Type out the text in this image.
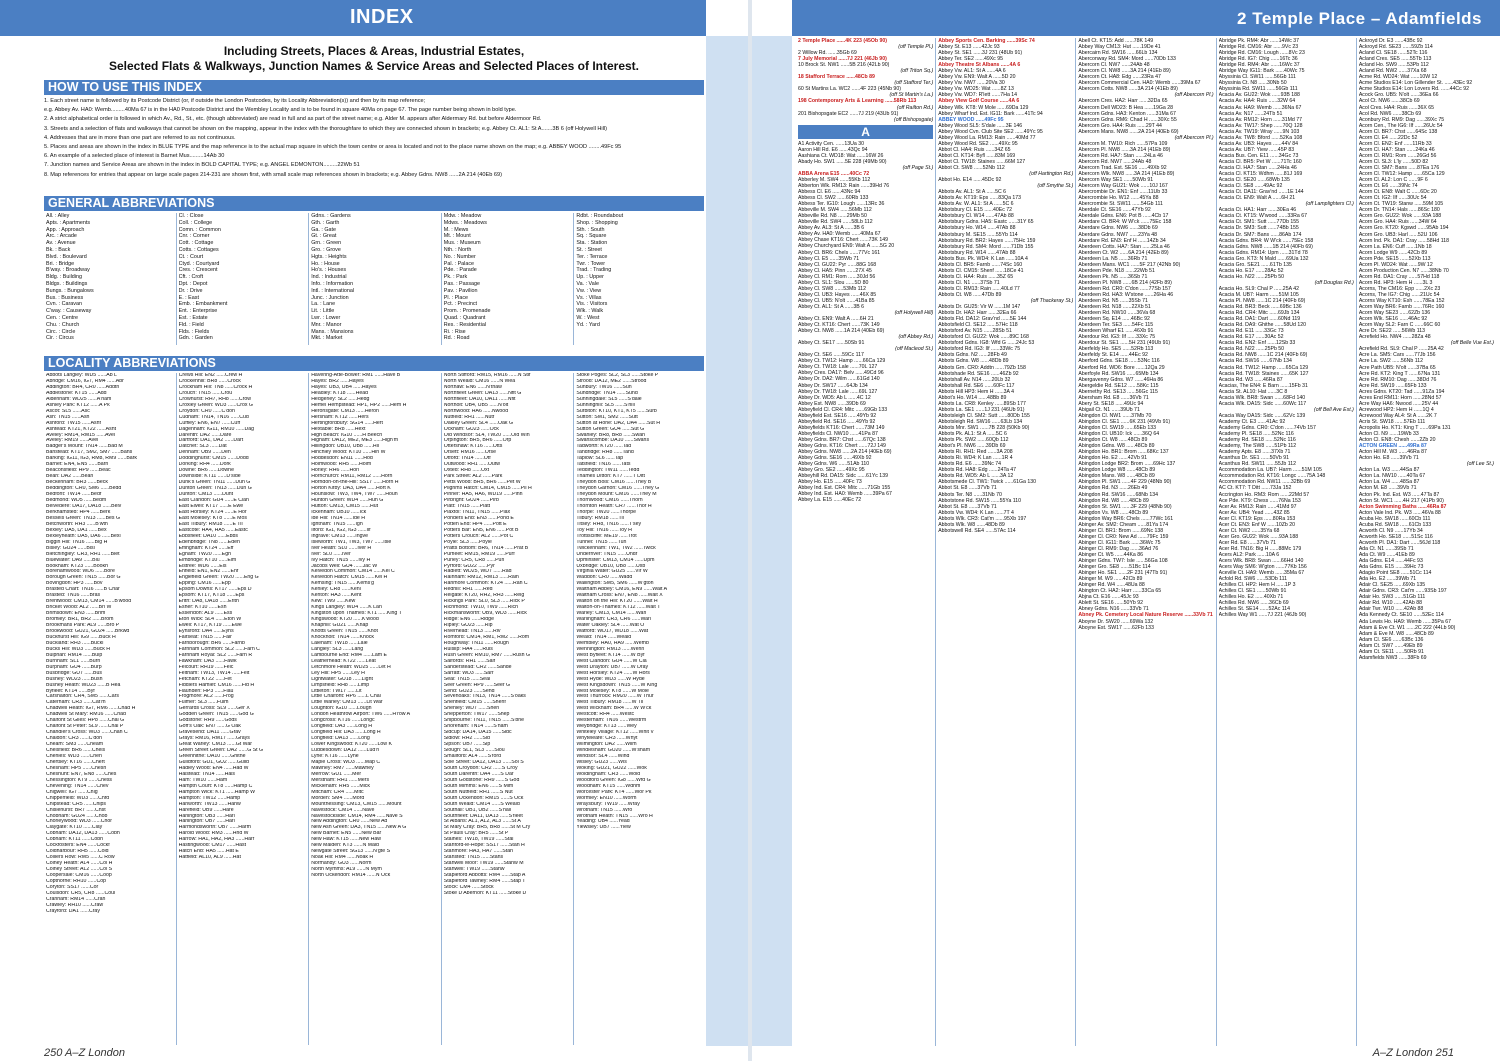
INDEX
Including Streets, Places & Areas, Industrial Estates,
Selected Flats & Walkways, Junction Names & Service Areas and Selected Places of Interest.
HOW TO USE THIS INDEX
1. Each street name is followed by its Postcode District (or, if outside the London Postcodes, by its Locality Abbreviation(s)) and then by its map reference;
e.g. Abbey Av. HA0: Wemb.........40Ma 67 is in the HA0 Postcode District and the Wembley Locality and is to be found in square 40Ma on page 67. The page number being shown in bold type.
2. A strict alphabetical order is followed in which Av., Rd., St., etc. (though abbreviated) are read in full and as part of the street name; e.g. Alder M. appears after Aldermary Rd. but before Aldermoor Rd.
3. Streets and a selection of flats and walkways that cannot be shown on the mapping, appear in the index with the thoroughfare to which they are connected shown in brackets; e.g. Abbey Ct. AL1: St A.......3B 6 (off Holywell Hill)
4. Addresses that are in more than one part are referred to as not continuous.
5. Places and areas are shown in the index in BLUE TYPE and the map reference is to the actual map square in which the town centre or area is located and not to the place name shown on the map; e.g. ABBEY WOOD ........49Fc 95
6. An example of a selected place of interest is Barnet Mus.........14Ab 30
7. Junction names and Service Areas are shown in the index in BOLD CAPITAL TYPE; e.g. ANGEL EDMONTON.........22Wb 51
8. Map references for entries that appear on large scale pages 214-231 are shown first, with small scale map references shown in brackets; e.g. Abbey Gdns. NW8 ......2A 214 (40Eb 69)
GENERAL ABBREVIATIONS
All. : Alley
Apts. : Apartments
App. : Approach
Arc. : Arcade
Av. : Avenue
Bk. : Back
Blvd. : Boulevard
Bri. : Bridge
B'way. : Broadway
Bldg. : Building
Bldgs. : Buildings
Bungs. : Bungalows
Bus. : Business
Cvn. : Caravan
C'way. : Causeway
Cen. : Centre
Chu. : Church
Circ. : Circle
Cir. : Circus
Cl. : Close
Coll. : College
Comn. : Common
Cnr. : Corner
Cott. : Cottage
Cotts. : Cottages
Ct. : Court
Ctyd. : Courtyard
Cres. : Crescent
Cft. : Croft
Dpt. : Depot
Dr. : Drive
E. : East
Emb. : Embankment
Ent. : Enterprise
Est. : Estate
Fld. : Field
Flds. : Fields
Gdn. : Garden
Gdns. : Gardens
Gth. : Garth
Ga. : Gate
Gt. : Great
Grn. : Green
Gro. : Grove
Hgts. : Heights
Ho. : House
Ho's. : Houses
Ind. : Industrial
Info. : Information
Intl. : International
Junc. : Junction
La. : Lane
Lit. : Little
Lwr. : Lower
Mnr. : Manor
Mans. : Mansions
Mkt. : Market
Mdw. : Meadow
Mdws. : Meadows
M. : Mews
Mt. : Mount
Mus. : Museum
Nth. : North
No. : Number
Pal. : Palace
Pde. : Parade
Pk. : Park
Pas. : Passage
Pav. : Pavilion
Pl. : Place
Pct. : Precinct
Prom. : Promenade
Quad. : Quadrant
Res. : Residential
Ri. : Rise
Rd. : Road
Rdbt. : Roundabout
Shop. : Shopping
Sth. : South
Sq. : Square
Sta. : Station
St. : Street
Ter. : Terrace
Twr. : Tower
Trad. : Trading
Up. : Upper
Va. : Vale
Vw. : View
Vs. : Villas
Vis. : Visitors
Wlk. : Walk
W. : West
Yd. : Yard
LOCALITY ABBREVIATIONS
Abbots Langley: WD5 ......Ab L
Abridge: CM16, IG7, RM4 ......Abr
Addington: BR4, CR0 ......Addtn
Addlestone: KT15 ......Add
Aldenham: WD25 ......A'ham
Ashley Park: KT12 ......A Pk
Ascot: SL5 ......Asc
Ash: TN15 ......Ash
Ashford: TW15 ......Ashf
Ashtead: KT21, KT22 ......Asht
Aveley: RM14, RM15 ......Avel
Aveley: RM19 ......Avel
Badger's Mount: TN14 ......Bad M
Banstead: KT17, SM2, SM7 ......Bans
Barking: IG11, IG3, RM8, RM9 ......Bark
Barnet: EN4, EN5 ......Barn
Beaconsfield: HP9 ......Beac
Bean: DA2 ......Bean
Beckenham: BR3 ......Beck
Beddington: CR0, SM6 ......Bedd
Bedfont: TW14 ......Bedf
Bedmond: WD5 ......Bedm
Belvedere: DA17, DA18 ......Belv
Berkhamsted: HP4 ......Berk
Bessels Green: TN13 ......Bes G
Betchworth: RH3 ......B'wth
Bexley: DA5, DA1 ......Bex
Bexleyheath: DA5, DA6 ......Bexl
Biggin Hill: TN16 ......Big H
Bisley: GU24 ......Bisl
Bletchingley: CR3, RH1 ......Blet
Bluewater: DA9 ......Blu
Bookham: KT23 ......Bookh
Borehamwood: WD6 ......Bore
Borough Green: TN15 ......Bor G
Bovingdon: HP3 ......Bov
Brasted Chart: TN16 ......B Char
Brasted: TN16 ......Bras
Brentwood: CM13, CM14 ......B'wood
Bricket Wood: AL2 ......Bri W
Brimsdown: EN3 ......Brim
Bromley: BR1, BR2 ......Brom
Brookmans Park: AL9 ......Bro P
Brookwood: GU21, GU24 ......Brkwd
Buckhurst Hill: IG9 ......Buck H
Buckland: RH3 ......Buckl
Bucks Hill: WD3 ......Buck H
Bulphan: RM14 ......Bulp
Burnham: SL1 ......Burn
Burpham: GU4 ......Burp
Busbridge: GU7 ......Bus
Bushey: WD23 ......Bush
Bushey Heath: WD23 ......B Hea
Byfleet: KT14 ......Byf
Carshalton: CR4, SM5 ......Cars
Caterham: CR3 ......Cat'm
Chadwell Heath: IG7, RM6 ......Chad H
Chadwell St Mary: RM16 ......Chad
Chalfont St Giles: HP8 ......Chal G
Chalfont St Peter: SL9 ......Chal P
Chandler's Cross: WD3 ......Chan C
Chaldon: CR3 ......C'don
Cheam: SM3 ......Cheam
Chelsfield: BR6 ......Chels
Chenies: WD3 ......Chen
Chertsey: KT16 ......Chert
Chesham: HP5 ......Chesh
Cheshunt: EN7, EN8 ......Ches
Chessington: KT9 ......Chess
Chevening: TN14 ......Chev
Chigwell: IG7 ......Chig
Chipperfield: WD3 ......Chfd
Chipstead: CR5 ......Chips
Chislehurst: BR7 ......Chst
Chobham: GU24 ......Chob
Chorleywood: WD3 ......Chor
Claygate: KT10 ......Clay
Cobham: DA12, DA13 ......Cobh
Cobham: KT11 ......Cobh
Cockfosters: EN4 ......Cockf
Coldharbour: RH5 ......Cold
Colliers Row: RM5 ......C Row
Colney Heath: AL4 ......Col H
Colney Street: AL2 ......Col S
Coopersale: CM16 ......Coop
Copthorne: RH10 ......Cop
Coryton: SS17 ......Cor
Coulsdon: CR5, CR8 ......Coul
Cranham: RM14 ......Cran
Crawley: RH10 ......Craw
Crayford: DA1 ......Cray
Crews Hill: EN2 ......Crew H
Crockenhill: BR8 ......Crock
Crockham Hill: TN8 ......Crock H
Crouch: TN15 ......Crou
Crowhurst: RH7, RH8 ......Crow
Croxley Green: WD3 ......Crox G
Croydon: CR0 ......C'don
Cudham: TN14, TN16 ......Cud
Cuffley: EN6, EN7 ......Cuff
Dagenham: IG11, RM10 ......Dag
Darenth: DA2 ......Dare
Dartford: DA1, DA2 ......Dart
Datchet: SL3 ......Dat
Denham: UB9 ......Den
Doddinghurst: CM15 ......Dodd
Dorking: RH4 ......Dork
Downe: BR6 ......Downe
Downside: KT11 ......D'side
Dunk's Green: TN11 ......Dun G
Dunton Green: TN13 ......Dun G
Dunton: CM13 ......Dunt
East Clandon: GU4 ......E Clan
East Ewell: KT17 ......E Ewe
East Horsley: KT24 ......E Hor
East Molesey: KT8 ......E Mos
East Tilbury: RM18 ......E Til
Eastcote: HA4, HA5 ......Eastc
Ebbsfleet: DA10 ......Ebbs
Edenbridge: TN8 ......Eden
Effingham: KT24 ......Eff
Egham: TW20 ......Egh
Elmbridge: KT10 ......Elm
Elstree: WD6 ......Els
Enfield: EN1, EN2 ......Enf
Englefield Green: TW20 ......Eng G
Epping: CM16 ......Epp
Epsom Downs: KT17 ......Eps D
Epsom: KT17, KT18 ......Eps
Erith: DA8, DA18 ......Erith
Esher: KT10 ......Esh
Essendon: AL9 ......Ess
Eton Wick: SL4 ......Eton W
Ewell: KT17, KT19 ......Ewe
Eynsford: DA4 ......Eyns
Fairseat: TN15 ......Fair
Farnborough: BR6 ......Farnb
Farnham Common: SL2 ......Farn C
Farnham Royal: SL2 ......Farn R
Fawkham: DA3 ......Fawk
Felcourt: RH19 ......Felc
Feltham: TW13, TW14 ......Felt
Fetcham: KT22 ......Fet
Fiddlers Hamlet: CM16 ......Fid H
Flaunden: HP3 ......Flau
Frogmore: AL2 ......Frog
Fulmer: SL3 ......Fulm
Gerrards Cross: SL9 ......Ger X
Godden Green: TN15 ......God G
Godstone: RH9 ......Gods
Goff's Oak: EN7 ......G Oak
Gravesend: DA11 ......Grav
Grays: RM16, RM17 ......Grays
Great Warley: CM13 ......Gt War
Green Street Green: DA2 ......G St G
Greenhithe: DA10 ......Ghithe
Guildford: GU1, GU2 ......Guild
Hadley Wood: EN4 ......Had W
Halstead: TN14 ......Hals
Ham: TW10 ......Ham
Hamptn Court: KT8 ......Hamp C
Hampton Wick: KT1 ......Hamp W
Hampton: TW12 ......Hamp
Hanworth: TW13 ......Hanw
Harefield: UB9 ......Hare
Harlington: UB3 ......Harl
Harlington: UB7 ......Harl
Harmondsworth: UB7 ......Harm
Harold Wood: RM3 ......Hrld W
Harrow: HA1, HA2, HA3 ......Harr
Hastingwood: CM17 ......Hast
Hatch End: HA5 ......Hat E
Hatfield: AL10, AL9 ......Hat
Havering-Atte-Bower: RM1 ......Have B
Hayes: BR2 ......Hayes
Hayes: UB3, UB4 ......Hayes
Headley: KT18 ......Head
Hedgerley: SL2 ......Hedg
Hemel Hempstead: HP1, HP2 ......Hem H
Heronsgate: CM13 ......Heron
Hersham: KT12 ......Hers
Hertingfordbury: SG14 ......Hert
Hextable: BR8 ......Hext
High Beach: IG10 ......H Beech
Higham: DA12, ME2, ME3 ......High'm
Hillingdon: UB10, UB8 ......Hil
Hinchley Wood: KT10 ......Hin W
Hoddesdon: EN11 ......Hod
Holmwood: RH5 ......Holm
Horley: RH6 ......Horl
Hornchurch: RM11, RM12 ......Horn
Horndon-on-the-Hill: SS17 ......Horn H
Horton Kirby: DA3, DA4 ......Hort K
Hounslow: TW3, TW4, TW7 ......Houn
Hunton Green: WD4 ......Hun G
Hutton: CM13, CM15 ......Hut
Ickenham: UB10 ......Ick
Ide Hill: TN14 ......Ide H
Ightham: TN15 ......Igh
Ilford: IG1, IG2, IG3 ......Ilf
Ingrave: CM13 ......Ingve
Isleworth: TW1, TW3, TW7 ......Isle
Iver Heath: SL0 ......Iver H
Iver: SL0 ......Iver
Ivy Hatch: TN15 ......Ivy H
Jacobs Well: GU4 ......Jac W
Kelvedon Common: CM14 ......Kel C
Kelvedon Hatch: CM15 ......Kel H
Kemsing: TN15 ......Kems'g
Kenley: CR8 ......Kenl
Kenton: HA3 ......Kent
Kew: TW9 ......Kew
Kings Langley: WD4 ......K Lan
Kingston upon Thames: KT1 ......King T
Kingswood: KT20 ......K'wood
Knaphill: GU21 ......Knap
Knotts Green: TN15 ......Knot
Knockholt: TN14 ......Knock
Laleham: TW18 ......Lale
Langley: SL3 ......Lang
Lambourne End: RM4 ......Lam E
Leatherhead: KT22 ......Leat
Letchmore Heath: WD25 ......Let H
Ley Hill: HP5 ......Ley H
Lightwater: GU18 ......Light
Limpsfield: RH8 ......Limp
Littleton: TW17 ......Lit
Little Chalfont: HP6 ......L Chal
Little Warley: CM13 ......Lit War
Loughton: IG10 ......Lough
London Heathrow Airport: TW6 ......H'row A
Longcross: KT16 ......Longc
Longfield: DA3 ......Long H
Longfield Hill: DA3 ......Long H
Longfield: DA13 ......Long
Lower Kingswood: KT20 ......Low K
Luddesdown: DA12 ......Lud'n
Lyne: KT16 ......Lyne
Maple Cross: WD3 ......Map C
Mawney: RM7 ......Mawney
Merrow: GU1 ......Mer
Merstham: RH1 ......Mers
Mickleham: RH5 ......Mick
Mitcham: CR4 ......Mitc
Morden: SM4 ......Mord
Mountnessing: CM13, CM15 ......Mount
Navestock: CM14 ......Nave
Navestockside: CM14, RM4 ......Nave S
New Addington: CR0 ......New Ad
New Ash Green: DA3, TN15 ......New A G
New Barnet: EN5 ......New Bar
New Haw: KT15 ......New Haw
New Malden: KT3 ......N Mald
Newgate Street: SG13 ......N'gte S
Noak Hill: RM4 ......Noak H
Normandy: GU3 ......Norm
North Mymms: AL9 ......N Mym
North Ockendon: RM14 ......N Ock
North Stifford: RM15, RM16 ......N Stif
North Weald: CM16 ......N Wea
Northaw: EN6 ......N'thaw
Northfleet Green: DA13 ......Nfit G
Northfleet: DA10, DA11 ......Nfit
Northolt: UB4, UB5 ......N'olt
Northwood: HA6 ......Nwood
Nutfield: RH1 ......Nutf
Oakley Green: SL4 ......Oak G
Ockham: GU23 ......Ock
Old Windsor: SL4, TW20 ......Old Win
Orpington: BR5, BR6 ......Orp
Ottershaw: KT16 ......Otts
Orsett: RM16 ......Orse
Otford: TN14 ......Otf
Outwood: RH1 ......Outw
Oxted: RH8 ......Oxt
Park Street: AL2 ......Park
Petts Wood: BR5, BR6 ......Pet W
Pilgrims Hatch: CM14, CM15 ......Pil H
Pinner: HA5, HA6, WD19 ......Pinn
Pirbright: GU24 ......Pirb
Platt: TN15 ......Platt
Plaxtol: TN11, TN15 ......Plax
Ponders End: EN3 ......Pond E
Potten End: HP4 ......Pott E
Potters Bar: EN5, EN6 ......Pot B
Potters Crouch: AL2 ......Pot C
Poyle: SL3 ......Poyle
Pratts Bottom: BR6, TN14 ......Prat B
Purfleet: RM15, RM19 ......Purf
Purley: CR5, CR8 ......Purl
Pyrford: GU22 ......Pyr
Radlett: WD25, WD7 ......Rad
Rainham: RM12, RM13 ......Rain
Ranmore Common: KT24 ......Ran C
Redhill: RH1 ......Red
Reigate: KT20, RH2, RH3 ......Reig
Rickings Park: SL0, SL3 ......Rick P
Richmond: TW10, TW9 ......Rich
Rickmansworth: UB9, WD3 ......Rick
Ridge: EN6 ......Ridge
Ripley: GU23 ......Rip
Riverhead: TN13 ......Riv
Romford: CM14, RM1, RM2 ......Rom
Roughway: TN11 ......Rough
Ruislip: HA4 ......Ruis
Rush Green: RM10, RM7 ......Rush G
Salfords: RH1 ......Salf
Sanderstead: CR2 ......Sande
Sarratt: WD3 ......Sarr
Seal: TN15 ......Seal
Seer Green: HP9 ......Seer G
Send: GU23 ......Send
Sevenoaks: TN13, TN14 ......S'oaks
Shenfield: CM15 ......Shenf
Shenley: WD7 ......Shen
Shepperton: TW17 ......Shep
Shipbourne: TN11, TN15 ......S'bne
Shoreham: TN14 ......S'ham
Sidcup: DA14, DA15 ......Sidc
Sidlow: RH2 ......Sid
Sipson: UB7 ......Sip
Slough: SL1, SL3 ......Slou
Smallford: AL4 ......S'ford
Sole Street: DA12, DA13 ......Sol S
South Croydon: CR2 ......S Croy
South Darenth: DA4 ......S Dar
South Godstone: RH9 ......S God
South Mimms: EN6 ......S Mim
South Nutfield: RH1 ......S Nut
South Ockendon: RM15 ......S Ock
South Weald: CM14 ......S Weald
Southall: UB1, UB2 ......S'hall
Southfleet: DA11, DA13 ......S'fleet
St Albans: AL1, AL2, AL3 ......St A
St Mary Cray: BR5, BR8 ......St M Cry
St Pauls Cray: BR5 ......St P
Staines: TW18, TW19 ......Stai
Stanford-le-Hope: SS17 ......Stan H
Stanmore: HA3, HA7 ......Stan
Stansted: TN15 ......Stans
Stanwell Moor: TW19 ......Stanw M
Stanwell: TW19 ......Stanw
Stapleford Abbotts: RM4 ......Stap A
Stapleford Tawney: RM4 ......Stap T
Stock: CM4 ......Stock
Stoke D'Abernon: KT11 ......Stoke D
Stoke Poges: SL2, SL3 ......Stoke P
Strood: DA12, ME2 ......Strood
Sunbury: TW16 ......Sun
Sundridge: TN14 ......Sund
Sunningdale: SL5 ......S'dale
Sunninghill: SL5 ......S'hill
Surbiton: KT10, KT1, KT5 ......Surb
Sutton: SM1, SM2 ......Sutt
Sutton at Hone: DA2, DA4 ......Sut H
Sutton Green: GU4 ......Sut G
Swanley: BR8, BR8 ......Swan
Swanscombe: DA10 ......Swans
Tadworth: KT20 ......Tad
Tandridge: RH8 ......Tand
Taplow: SL6 ......Tap
Tatsfield: TN16 ......Tats
Teddington: TW11 ......Tedd
Thames Ditton: KT7 ......T Ditt
Theydon Bois: CM16 ......They B
Theydon Garnon: CM16 ......They G
Theydon Mount: CM16 ......They M
Thornwood: CM16 ......Thorn
Thornton Heath: CR7 ......Thor H
Thorpe: TW20 ......Thorpe
Tilbury: RM18 ......Til
Titsey: RH8, TN16 ......T'sey
Toy Hill: TN16 ......Toy H
Trottiscliffe: ME19 ......Trot
Tunnel: TN15 ......Tun
Twickenham: TW1, TW2 ......Twick
Underriver: TN15 ......Undr
Upminster: CM13, CM14 ......Upm
Uxbridge: UB10, UB8 ......Uxb
Virginia Water: GU25 ......Vir W
Waddon: CR0 ......Wadd
Wallington: SM5, SM6 ......W'gton
Waltham Abbey: CM16, EN9 ......Walt A
Waltham Cross: EN7, EN8 ......Walt X
Walton on the Hill: KT20 ......Walt H
Walton-on-Thames: KT12 ......Walt T
Warley: CM13, CM14 ......Warl
Warlingham: CR3, CR6 ......Warl
Water Oakley: SL4 ......Wat O
Watford: WD17, WD18 ......Wat
Weald: TN14 ......Weald
Wembley: HA0, HA9 ......Wemb
Wennington: RM13 ......Wenn
West Byfleet: KT14 ......W Byf
West Clandon: GU4 ......W Cla
West Drayton: UB7 ......W Dray
West Horsley: KT24 ......W Hors
West Hyde: WD3 ......W Hyde
West Kingsdown: TN15 ......W King
West Molesey: KT8 ......W Mole
West Thurrock: RM20 ......W Thur
West Tilbury: RM18 ......W Til
West Wickham: BR4 ......W W'ck
Westcott: RH4 ......Westc
Westerham: TN16 ......Westrm
Weybridge: KT13 ......Wey
Whiteley Village: KT12 ......Whit V
Whyteleafe: CR3 ......Whyt
Wilmington: DA2 ......Wilm
Windlesham: GU20 ......W'sham
Windsor: SL4 ......Wind
Wisley: GU23 ......Wis
Woking: GU21, GU22 ......Wok
Woldingham: CR3 ......Wold
Woodford Green: IG8 ......Wfd G
Woodham: KT15 ......Wdhm
Worcester Park: KT4 ......Wor Pk
Wormley: EN10 ......Worm
Wraysbury: TW19 ......Wray
Wrotham: TN15 ......Wro
Wrotham Heath: TN15 ......Wro H
Yeading: UB4 ......Yead
Yiewsley: UB7 ......Yiew
250 A–Z London
2 Temple Place – Adamfields
2 Temple Place ......4K 223 (45Ob 90)
(off Temple Pl.)
2 Willow Rd. ......35Gb 69
7 July Memorial ......7J 221 (46Jb 90)
10 Brock St. NW1 ......5B 216 (42Lb 90)
(off Triton Sq.)
18 Stafford Terrace ......48Cb 89
(off Stafford Ter.)
60 St Martins La. WC2 ......4F 223 (45Nb 90)
(off St Martin's La.)
198 Contemporary Arts & Learning ......58Rb 113
(off Railton Rd.)
201 Bishopsgate EC2 ......7J 219 (43Ub 91)
(off Bishopsgate)
A
A1 Activity Cen. ......13Ua 30
Aaron Hill Rd. E6 ......43Qc 94
Aashiana Ct. WD18: Wat ......16W 26
Abady Ho. SW1 ......5E 228 (49Mb 90)
(off Page St.)
ABBA Arena E15 ......40Cc 72
Abberley M. SW4 ......55Kb 112
Abberton Wlk. RM13: Rain ......39Hd 76
Abbess Cl. E6 ......43Nc 94
Abbess Cl. SW2 ......60Rb 133
Abbess Ter. IG10: Lough ......13Rc 36
Abbeville M. SW4 ......56Mb 112
Abbeville Rd. N8 ......29Mb 50
Abbeville Rd. SW4 ......58Lb 112
Abbey Av. AL3: St A ......3B 6
Abbey Av. HA0: Wemb ......40Ma 67
Abbey Chase KT16: Chert ......73K 149
Abbey Churchyard EN9: Walt A ......5G 20
Abbey Cl. BR6: Chels ......77Vc 161
Abbey Cl. E5 ......35Wb 71
Abbey Cl. GU22: Pyr ......88G 168
Abbey Cl. HA5: Pinn ......27X 45
Abbey Cl. RM1: Rom ......30Jd 56
Abbey Cl. SL1: Slou ......5D 80
Abbey Cl. SW8 ......53Mb 112
Abbey Cl. UB3: Hayes ......46X 85
Abbey Cl. UB5: N'olt ......41Ba 85
Abbey Ct. AL1: St A ......3B 6
(off Holywell Hill)
Abbey Ct. EN9: Walt A ......6H 21
Abbey Ct. KT16: Chert ......73K 149
Abbey Ct. NW8 ......1A 214 (40Eb 69)
(off Abbey Rd.)
Abbey Ct. SE17 ......50Sb 91
(off Macleod St.)
Abbey Ct. SE6 ......59Cc 117
Abbey Ct. TW12: Hamp ......66Ca 129
Abbey Ct. TW18: Lale ......70L 127
Abbey Cres. DA17: Belv ......49Cd 96
Abbey Dr. DA2: Wilm ......61Gd 140
Abbey Dr. SW17 ......64Jb 134
Abbey Dr. TW18: Lale ......69L 127
Abbey Dr. WD5: Ab L ......4C 12
Abbey Est. NW8 ......39Db 69
Abbeyfield Cl. CR4: Mitc ......69Gb 133
Abbeyfield Est. SE16 ......49Yb 92
Abbeyfield Rd. SE16 ......49Yb 92
Abbeyfields KT16: Chert ......73M 149
Abbeyfields Cl. NW10 ......41Pa 87
Abbey Gdns. BR7: Chst ......67Qc 138
Abbey Gdns. KT16: Chert ......72J 149
Abbey Gdns. NW8 ......2A 214 (40Eb 69)
Abbey Gdns. SE16 ......49Xb 92
Abbey Gdns. W6 ......51Ab 110
Abbey Gro. SE2 ......49Xc 95
Abbeyhill Rd. DA15: Sidc ......61Yc 139
Abbey Ho. E15 ......40Fc 73
Abbey Ind. Est. CR4: Mitc ......71Gb 155
Abbey Ind. Est. HA0: Wemb ......39Pa 67
Abbey La. E15 ......40Ec 72
Abbey Sports Cen. Barking ......39Sc 74
Abbey St. E13 ......42Jc 93
Abbey St. SE1 ......3J 231 (48Ub 91)
Abbey Ter. SE2 ......49Xc 95
Abbey Theatre St Albans ......4A 6
Abbey Vw. AL1: St A ......4A 6
Abbey Vw. EN9: Walt A ......5D 20
Abbey Vw. NW7 ......20Va 30
Abbey Vw. WD25: Wat ......8Z 13
Abbey Vw. WD7: R'lett ......7Ha 14
Abbey View Golf Course ......4A 6
Abbey Wlk. KT8: W Mole ......69Da 129
Abbey Wharf Ind. Est. IG11: Bark ......41Tc 94
ABBEY WOOD ......49Fc 95
Abbey Wood SL5: S'dale ......3E 146
Abbey Wood Cvn. Club Site SE2 ......49Yc 95
Abbey Wood La. RM13: Rain ......40Md 77
Abbey Wood Rd. SE2 ......49Xc 95
Abbot Cl. HA4: Ruis ......34Z 65
Abbot Cl. KT14: Byfl ......83M 169
Abbot Cl. TW18: Staines ......66M 127
Abbot Ct. SW8 ......52Nb 112
(off Hartington Rd.)
Abbot Ho. E14 ......45Dc 92
(off Smythe St.)
Abbots Av. AL1: St A ......5C 6
Abbots Av. KT19: Eps ......83Qa 173
Abbots Av. W. AL1: St A ......5C 6
Abbotsbury Cl. E15 ......40Ec 72
Abbotsbury Cl. W14 ......47Ab 88
Abbotsbury Gdns. HA5: Eastc ......31Y 65
Abbotsbury Ho. W14 ......47Ab 88
Abbotsbury M. SE15 ......55Yb 114
Abbotsbury Rd. BR2: Hayes ......75Hc 159
Abbotsbury Rd. SM4: Mord ......71Db 155
Abbotsbury Rd. W14 ......47Ab 88
Abbots Bus. Pk. WD4: K Lan ......10A 4
Abbots Cl. BR5: Farnb ......74Sc 160
Abbots Cl. CM15: Shenf ......18Ce 41
Abbots Cl. HA4: Ruis ......35Z 65
Abbots Cl. N1 ......37Sb 71
Abbots Cl. RM13: Rain ......40Ld 77
Abbots Ct. W8 ......47Db 89
(off Thackeray St.)
Abbots Dr. GU25: Vir W ......1M 147
Abbots Dr. HA2: Harr ......32Ea 66
Abbots Fld. DA12: Grav'nd ......5E 144
Abbotsfield Cl. SE12 ......57Hc 118
Abbotsford Av. N15 ......28Sb 51
Abbotsford Cl. GU22: Wok ......89C 168
Abbotsford Gdns. IG8: Wfd G ......24Jc 53
Abbotsford Rd. IG3: Ilf ......33Wc 75
Abbots Gdns. N2 ......28Fb 49
Abbots Gdns. W8 ......48Db 89
Abbots Grn. CR0: Addtn ......79Zb 158
Abbotshade Rd. SE16 ......46Zb 92
Abbotshall Av. N14 ......20Lb 32
Abbotshall Rd. SE6 ......60Fc 117
Abbots Hill HP3: Hem H ......3A 4
Abbot's Ho. W14 ......48Bb 89
Abbots La. CR8: Kenley ......89Sb 177
Abbots La. SE1 ......1J 231 (46Ub 91)
Abbotsleigh Cl. SM2: Sutt ......80Db 155
Abbotsleigh Rd. SW16 ......63Lb 134
Abbots Mnr. SW1 ......7B 228 (50Kb 90)
Abbots Pk. AL1: St A ......5C 6
Abbots Pk. SW2 ......60Qb 112
Abbot's Pl. NW6 ......39Db 69
Abbots Ri. RH1: Red ......3A 208
Abbots Ri. WD4: K Lan ......1R 4
Abbots Rd. E6 ......39Nc 74
Abbots Rd. HA8: Edg ......24Ta 47
Abbots Rd. WD5: Ab L ......3A 12
Abbotsmede Cl. TW1: Twick ......61Ga 130
Abbot St. E8 ......37Vb 71
Abbots Ter. N8 ......31Nb 70
Abbotstone Rd. SW15 ......55Ya 110
Abbot St. E8 ......37Vb 71
Abbots Vw. WD4: K Lan ......7T 4
Abbots Wlk. CR3: Cat'm ......95Xb 197
Abbots Wlk. W8 ......48Db 89
Abbotswell Rd. SE4 ......57Ac 114
Abell Ct. KT15: Add ......78K 149
Abbey Way CM13: Hut ......19De 41
Abercairn Rd. SW16 ......66Lb 134
Aberconway Rd. SM4: Mord ......70Db 133
Abercorn Cl. NW7 ......24Ab 48
Abercorn Cl. NW8 ......3A 214 (41Eb 89)
Abercorn Ct. HA8: Edg ......23Ra 47
Abercorn Commercial Cen. HA0: Wemb ......39Ma 67
Abercorn Cotts. NW8 ......3A 214 (41Eb 89)
(off Abercorn Pl.)
Abercorn Cres. HA2: Harr ......32Da 65
Abercorn Dell WD23: B Hea ......19Ga 28
Abercorn Gdns. HA3: Kenton ......31Ma 67
Abercorn Gdns. RM6: Chad H ......30Xc 55
Abercorn Gro. HA4: Ruis ......29T 44
Abercorn Mans. NW8 ......2A 214 (40Eb 69)
(off Abercorn Pl.)
Abercorn M. TW10: Rich ......57Pa 109
Abercorn Pl. NW8 ......3A 214 (41Eb 89)
Abercorn Rd. HA7: Stan ......24La 46
Abercorn Rd. NW7 ......24Ab 48
Abercorn Trad. Est. SE16 ......49Xb 92
Abercorn Wlk. NW8 ......3A 214 (41Eb 89)
Abercorn Way SE1 ......50Wb 91
Abercorn Way GU21: Wok ......10J 167
Abercrombie Dr. EN1: Enf ......11Ub 33
Abercrombie Ho. W12 ......45Ya 88
Abercrombie St. SW11 ......54Gb 111
Aberdale Ct. SE16 ......47Yb 92
Aberdale Gdns. EN6: Pot B ......4Cb 17
Aberdare Cl. BR4: W W'ck ......75Ec 158
Aberdare Gdns. NW6 ......38Db 69
Aberdare Gdns. NW7 ......23Ya 48
Aberdare Rd. EN3: Enf H ......14Zb 34
Aberdeen Cotts. HA7: Stan ......25La 46
Aberdeen Ct. W2 ......6A 214 (42Eb 89)
Aberdeen La. N5 ......36Rb 71
Aberdeen Mans. WC1 ......5F 217 (42Nb 90)
Aberdeen Pde. N18 ......22Wb 51
Aberdeen Pk. N5 ......36Sb 71
Aberdeen Pl. NW8 ......6B 214 (42Fb 89)
Aberdeen Rd. CR0: C'don ......77Sb 157
Aberdeen Rd. HA3: W'stone ......26Ha 46
Aberdeen Rd. N5 ......35Sb 71
Aberdeen Rd. N18 ......22Xb 51
Aberdeen Rd. NW10 ......36Va 68
Aberdeen Sq. E14 ......46Bc 92
Aberdeen Ter. SE3 ......54Fc 115
Aberdeen Wharf E1 ......46Xb 91
Aberdour Rd. IG3: Ilf ......33Xc 75
Aberdour St. SE1 ......5H 231 (49Ub 91)
Aberfeldy Ho. SE5 ......52Rb 113
Aberfeldy St. E14 ......44Ec 92
Aberford Gdns. SE18 ......53Nc 116
Aberford Rd. WD6: Bore ......12Qa 29
Aberfoyle Rd. SW16 ......65Mb 134
Abergavenny Gdns. W7 ......46Ha 86
Abergeldie Rd. SE12 ......58Kc 115
Abernethy Rd. SE13 ......56Gc 115
Abersham Rd. E8 ......36Vb 71
Abery St. SE18 ......49Uc 94
Abigail Ct. N1 ......39Ub 71
Abingdon Cl. NW1 ......37Mb 70
Abingdon Cl. SE1 ......6K 231 (49Vb 91)
Abingdon Cl. SW19 ......65Eb 133
Abingdon Cl. UB10: Ick ......36Q 64
Abingdon Ct. W8 ......48Cb 89
Abingdon Gdns. W8 ......48Cb 89
Abingdon Ho. BR1: Brom ......68Kc 137
Abingdon Ho. E2 ......42Vb 91
Abingdon Lodge BR2: Brom ......69Hc 137
Abingdon Lodge W8 ......48Cb 89
Abingdon Mans. W8 ......48Cb 89
Abingdon Pl. SW1 ......4F 229 (48Nb 90)
Abingdon Rd. N3 ......26Eb 49
Abingdon Rd. SW16 ......68Nb 134
Abingdon Rd. W8 ......48Cb 89
Abingdon St. SW1 ......3F 229 (48Nb 90)
Abingdon Vs. W8 ......48Cb 89
Abingdon Way BR6: Chels ......77Wc 161
Abinger Av. SM2: Cheam ......81Ya 174
Abinger Cl. BR1: Brom ......69Nc 138
Abinger Cl. CR0: New Ad ......79Fc 159
Abinger Cl. IG11: Bark ......36Wc 75
Abinger Cl. RM9: Dag ......36Ad 76
Abinger Ct. W5 ......44Ka 86
Abinger Gdns. TW7: Isle ......56Ga 108
Abinger Gro. SE8 ......51Bc 114
Abinger Ho. SE1 ......2F 231 (47Tb 91)
Abinger M. W9 ......42Cb 89
Abinger Rd. W4 ......48Ua 88
Abington Ct. HA2: Harr ......33Ca 65
Abjna Ct. E16 ......45Jc 93
Ablett St. SE16 ......50Yb 92
Abney Gdns. N16 ......33Vb 71
Abney Pk. Cemetery Local Nature Reserve ......33Vb 71
Aboyne Dr. SW20 ......69Wa 132
Aboyne Est. SW17 ......62Fb 133
Abridge Pk. RM4: Abr ......14Wc 37
Abridge Rd. CM16: Abr ......9Vc 23
Abridge Rd. CM16: Lough ......8Vc 23
Abridge Rd. IG7: Chig ......16Tc 36
Abridge Rd. RM4: Abr ......16Wc 37
Abridge Way IG11: Bark ......40Wc 75
Abyssinia Cl. SW11 ......56Gb 111
Abyssinia Ct. N8 ......30Nb 50
Abyssinia Rd. SW11 ......56Gb 111
Acacia Av. GU22: Wok ......93B 188
Acacia Av. HA4: Ruis ......32W 64
Acacia Av. HA9: Wemb ......36Na 67
Acacia Av. N17 ......24Tb 51
Acacia Av. RM12: Horn ......31Md 77
Acacia Av. TW17: Shep ......70Q 128
Acacia Av. TW19: Wray ......9N 103
Acacia Av. TW8: Bford ......52Ka 108
Acacia Av. UB3: Hayes ......44V 84
Acacia Av. UB7: Yiew ......45P 83
Acacia Bus. Cen. E11 ......34Gc 73
Acacia Cl. BR5: Pet W ......71Tc 160
Acacia Cl. HA7: Stan ......24Ha 46
Acacia Cl. KT15: Wdhm ......81J 169
Acacia Cl. SE20 ......68Wb 135
Acacia Cl. SE8 ......49Ac 92
Acacia Ct. DA11: Grav'nd ......1E 144
Acacia Ct. EN9: Walt A ......6H 21
(off Lamplighters Cl.)
Acacia Ct. HA1: Harr ......30Ea 46
Acacia Ct. KT15: W'wood ......33Ra 67
Acacia Ct. SM1: Sutt ......77Db 155
Acacia Dr. SM3: Sutt ......74Bb 155
Acacia Dr. SM7: Bans ......86Ab 174
Acacia Gdns. BR4: W W'ck ......75Ec 158
Acacia Gdns. NW8 ......1B 214 (40Fb 69)
Acacia Gdns. RM14: Upm ......31Td 78
Acacia Gro. KT3: N Mald ......69Ua 132
Acacia Gro. SE21 ......61Tb 135
Acacia Ho. E17 ......28Ac 52
Acacia Ho. N22 ......25Pb 50
(off Douglas Rd.)
Acacia Ho. SL9: Chal P ......25A 42
Acacia M. UB7: Harm ......51M 105
Acacia Pl. NW8 ......1C 214 (40Fb 69)
Acacia Rd. BR3: Beck ......69Bc 136
Acacia Rd. CR4: Mitc ......69Jb 134
Acacia Rd. DA1: Dart ......60Nd 119
Acacia Rd. DA9: Ghithe ......58Ud 120
Acacia Rd. E11 ......33Gc 73
Acacia Rd. E17 ......30Ac 52
Acacia Rd. EN2: Enf ......12Sb 33
Acacia Rd. N22 ......25Pb 50
Acacia Rd. NW8 ......1C 214 (40Fb 69)
Acacia Rd. SW16 ......67Nb 134
Acacia Rd. TW12: Hamp ......65Ca 129
Acacia Rd. TW18: Staines ......65K 127
Acacia Rd. W3 ......46Ra 87
Acacias, The EN4: E Barn ......15Fb 31
Acacia St. AL10: Hat ......3C 8
Acacia Wlk. BR8: Swan ......68Fd 140
Acacia Wlk. DA15: Sidc ......60Wc 117
(off Bell Ave Est.)
Acacia Way DA15: Sidc ......62Vc 139
Academy Ct. E3 ......41Ac 92
Academy Gdns. CR0: C'don ......74Vb 157
Academy Pl. SE18 ......52Nc 116
Academy Rd. SE18 ......52Nc 116
Academy, The SW8 ......51Pb 112
Academy Apts. E8 ......37Xb 71
Acanthus Dr. SE1 ......50Vb 91
Acanthus Rd. SW11 ......55Jb 112
Accommodation La. UB7: Harm ......51M 105
Accommodation Rd. KT16: Longc ......75A 148
Accommodation Rd. NW11 ......32Bb 69
AC Ct. KT7: T Ditt ......73Ja 152
Accrington Ho. RM3: Rom ......22Md 57
Ace Pde. KT9: Chess ......76Na 153
Acer Av. RM13: Rain ......41Md 97
Acer Av. UB4: Yead ......43Z 85
Acer Cl. KT19: Eps ......80Ra 153
Acer Ct. EN3: Enf W ......10Zb 20
Acer Ct. NW2 ......35Ya 68
Acer Gro. GU22: Wok ......93A 188
Acer Rd. E8 ......37Vb 71
Acer Rd. TN16: Big H ......88Mc 179
Acers AL2: Park ......10A 6
Acers Wlk. BR8: Swan ......66Hd 140
Acers Way SM6: W'gton ......77Kb 156
Aceville Ct. HA9: Wemb ......35Ma 67
Acfold Rd. SW6 ......53Db 111
Achilles Cl. HP2: Hem H ......1P 3
Achilles Cl. SE1 ......50Wb 91
Achilles Ho. E2 ......40Xb 71
Achilles Rd. NW6 ......36Cb 69
Achilles St. SE14 ......52Ac 114
Achilles Way W1 ......7J 221 (46Jb 90)
Ackroyd Dr. E3 ......43Bc 92
Ackroyd Rd. SE23 ......59Zb 114
Acland Cl. SE18 ......52Tc 116
Acland Cres. SE5 ......55Tb 113
Acland Ho. SW9 ......53Pb 112
Acland Rd. NW2 ......37Xa 68
Acme Rd. WD24: Wat ......10W 12
Acme Studios E14: Lon Gillender St. ......43Ec 92
Acme Studios E14: Lon Lovers Rd. ......44Cc 92
Acock Gro. UB5: N'olt ......36Ea 66
Acol Ct. NW6 ......38Cb 69
Acol Cres. HA4: Ruis ......36X 65
Acol Rd. NW6 ......38Cb 69
Aconbury Rd. RM9: Dag ......39Xc 75
Acorn Cen., The IG6: Ilf ......26Uc 54
Acorn Cl. BR7: Chst ......64Sc 138
Acorn Cl. E4 ......22Dc 52
Acorn Cl. EN2: Enf ......11Rb 33
Acorn Cl. HA7: Stan ......24Ka 46
Acorn Cl. RM1: Rom ......26Gd 56
Acorn Cl. SL3: L'ly ......50D 82
Acorn Cl. SM7: Bans ......87Ea 176
Acorn Cl. TW12: Hamp ......65Ca 129
Acorn Cl. AL2: Lon C ......9F 6
Acorn Ct. E6 ......39Nc 74
Acorn Ct. EN8: Walt C ......6Dc 20
Acorn Ct. IG2: Ilf ......30Uc 54
Acorn Ct. TW19: Stanw ......59M 105
Acorn Dr. TN14: Hals ......86Sc 180
Acorn Gro. GU22: Wok ......93A 188
Acorn Gro. HA4: Ruis ......34W 64
Acorn Gro. KT20: Kgswd ......95Ab 194
Acorn Gro. UB3: Harl ......52U 106
Acorn Ind. Pk. DA1: Cray ......58Hd 118
Acorn La. EN6: Cuff ......1Nb 18
Acorn Lodge W9 ......42Cb 89
Acorn Pde. SE15 ......52Xb 113
Acorn Pl. WD24: Wat ......9W 12
Acorn Production Cen. N7 ......38Nb 70
Acorn Rd. DA1: Cray ......57Hd 118
Acorn Rd. HP3: Hem H ......3L 3
Acorns, The CM16: Epp ......2Xc 23
Acorns, The IG7: Chig ......21Uc 54
Acorns Way KT10: Esh ......78Ea 152
Acorn Way BR6: Farnb ......76Rc 160
Acorn Way SE23 ......62Zb 136
Acorn Wlk. SE16 ......46Ac 92
Acorn Way SL2: Farn C ......66C 60
Acre Dr. SE22 ......56Wb 113
Acrefield Ho. NW4 ......28Za 48
(off Belle Vue Est.)
Acrefield Rd. SL9: Chal P ......25A 42
Acre La. SM5: Cars ......77Jb 156
Acre La. SW2 ......56Nb 112
Acre Path UB5: N'olt ......37Ba 65
Acre Rd. KT2: King T ......67Na 131
Acre Rd. RM10: Dag ......38Dd 76
Acre Rd. SW19 ......65Fb 133
Acres Gdns. KT20: Tad ......91Za 194
Acres End RM11: Horn ......28Nd 57
Acre Way HA6: Nwood ......25V 44
Acrewood HP2: Hem H ......1Q 4
Acrewood Way AL4: St A ......2K 7
Acris St. SW18 ......57Eb 111
Acropolis Ho. KT1: King T ......69Pa 131
Acton Cl. N9 ......19Wb 33
Acton Cl. EN8: Chesh ......2Zb 20
ACTON GREEN ......49Ra 87
Acton Hill M. W3 ......46Ra 87
Acton Ho. E8 ......39Vb 71
(off Lee St.)
Acton La. W3 ......44Sa 87
Acton La. NW10 ......40Ta 67
Acton La. W4 ......48Sa 87
Acton M. E8 ......39Vb 71
Acton Pk. Ind. Est. W3 ......47Ta 87
Acton St. WC1 ......4H 217 (41Pb 90)
Acton Swimming Baths ......46Ra 87
Acton Vale Ind. Pk. W3 ......46Va 88
Acuba Ho. SW18 ......60Cb 111
Acuba Rd. SW18 ......61Cb 133
Acworth Cl. N9 ......17Yb 34
Acworth Ho. SE18 ......51Sc 116
Acworth Pl. DA1: Dart ......56Jd 118
Ada Ct. N1 ......39Sb 71
Ada Ct. W9 ......41Eb 89
Ada Gdns. E14 ......44Fc 93
Ada Gdns. E15 ......39Hc 73
Adagio Point SE8 ......51Cc 114
Ada Ho. E2 ......39Wb 71
Adair Cl. SE25 ......69Xb 135
Adair Gdns. CR3: Cat'm ......93Sb 197
Adair Ho. SW3 ......51Gb 111
Adair Rd. W10 ......42Ab 88
Adair Twr. W10 ......42Ab 88
Ada Kennedy Ct. SE10 ......52Ec 114
Ada Lewis Ho. HA9: Wemb ......35Pa 67
Adam & Eve Ct. W1 ......2C 222 (44Lb 90)
Adam & Eve M. W8 ......48Cb 89
Adam Cl. SE6 ......63Bc 136
Adam Ct. SW7 ......49Eb 89
Adam Ct. SE11 ......50Rb 91
Adamfields NW3 ......38Fb 69
A–Z London 251
